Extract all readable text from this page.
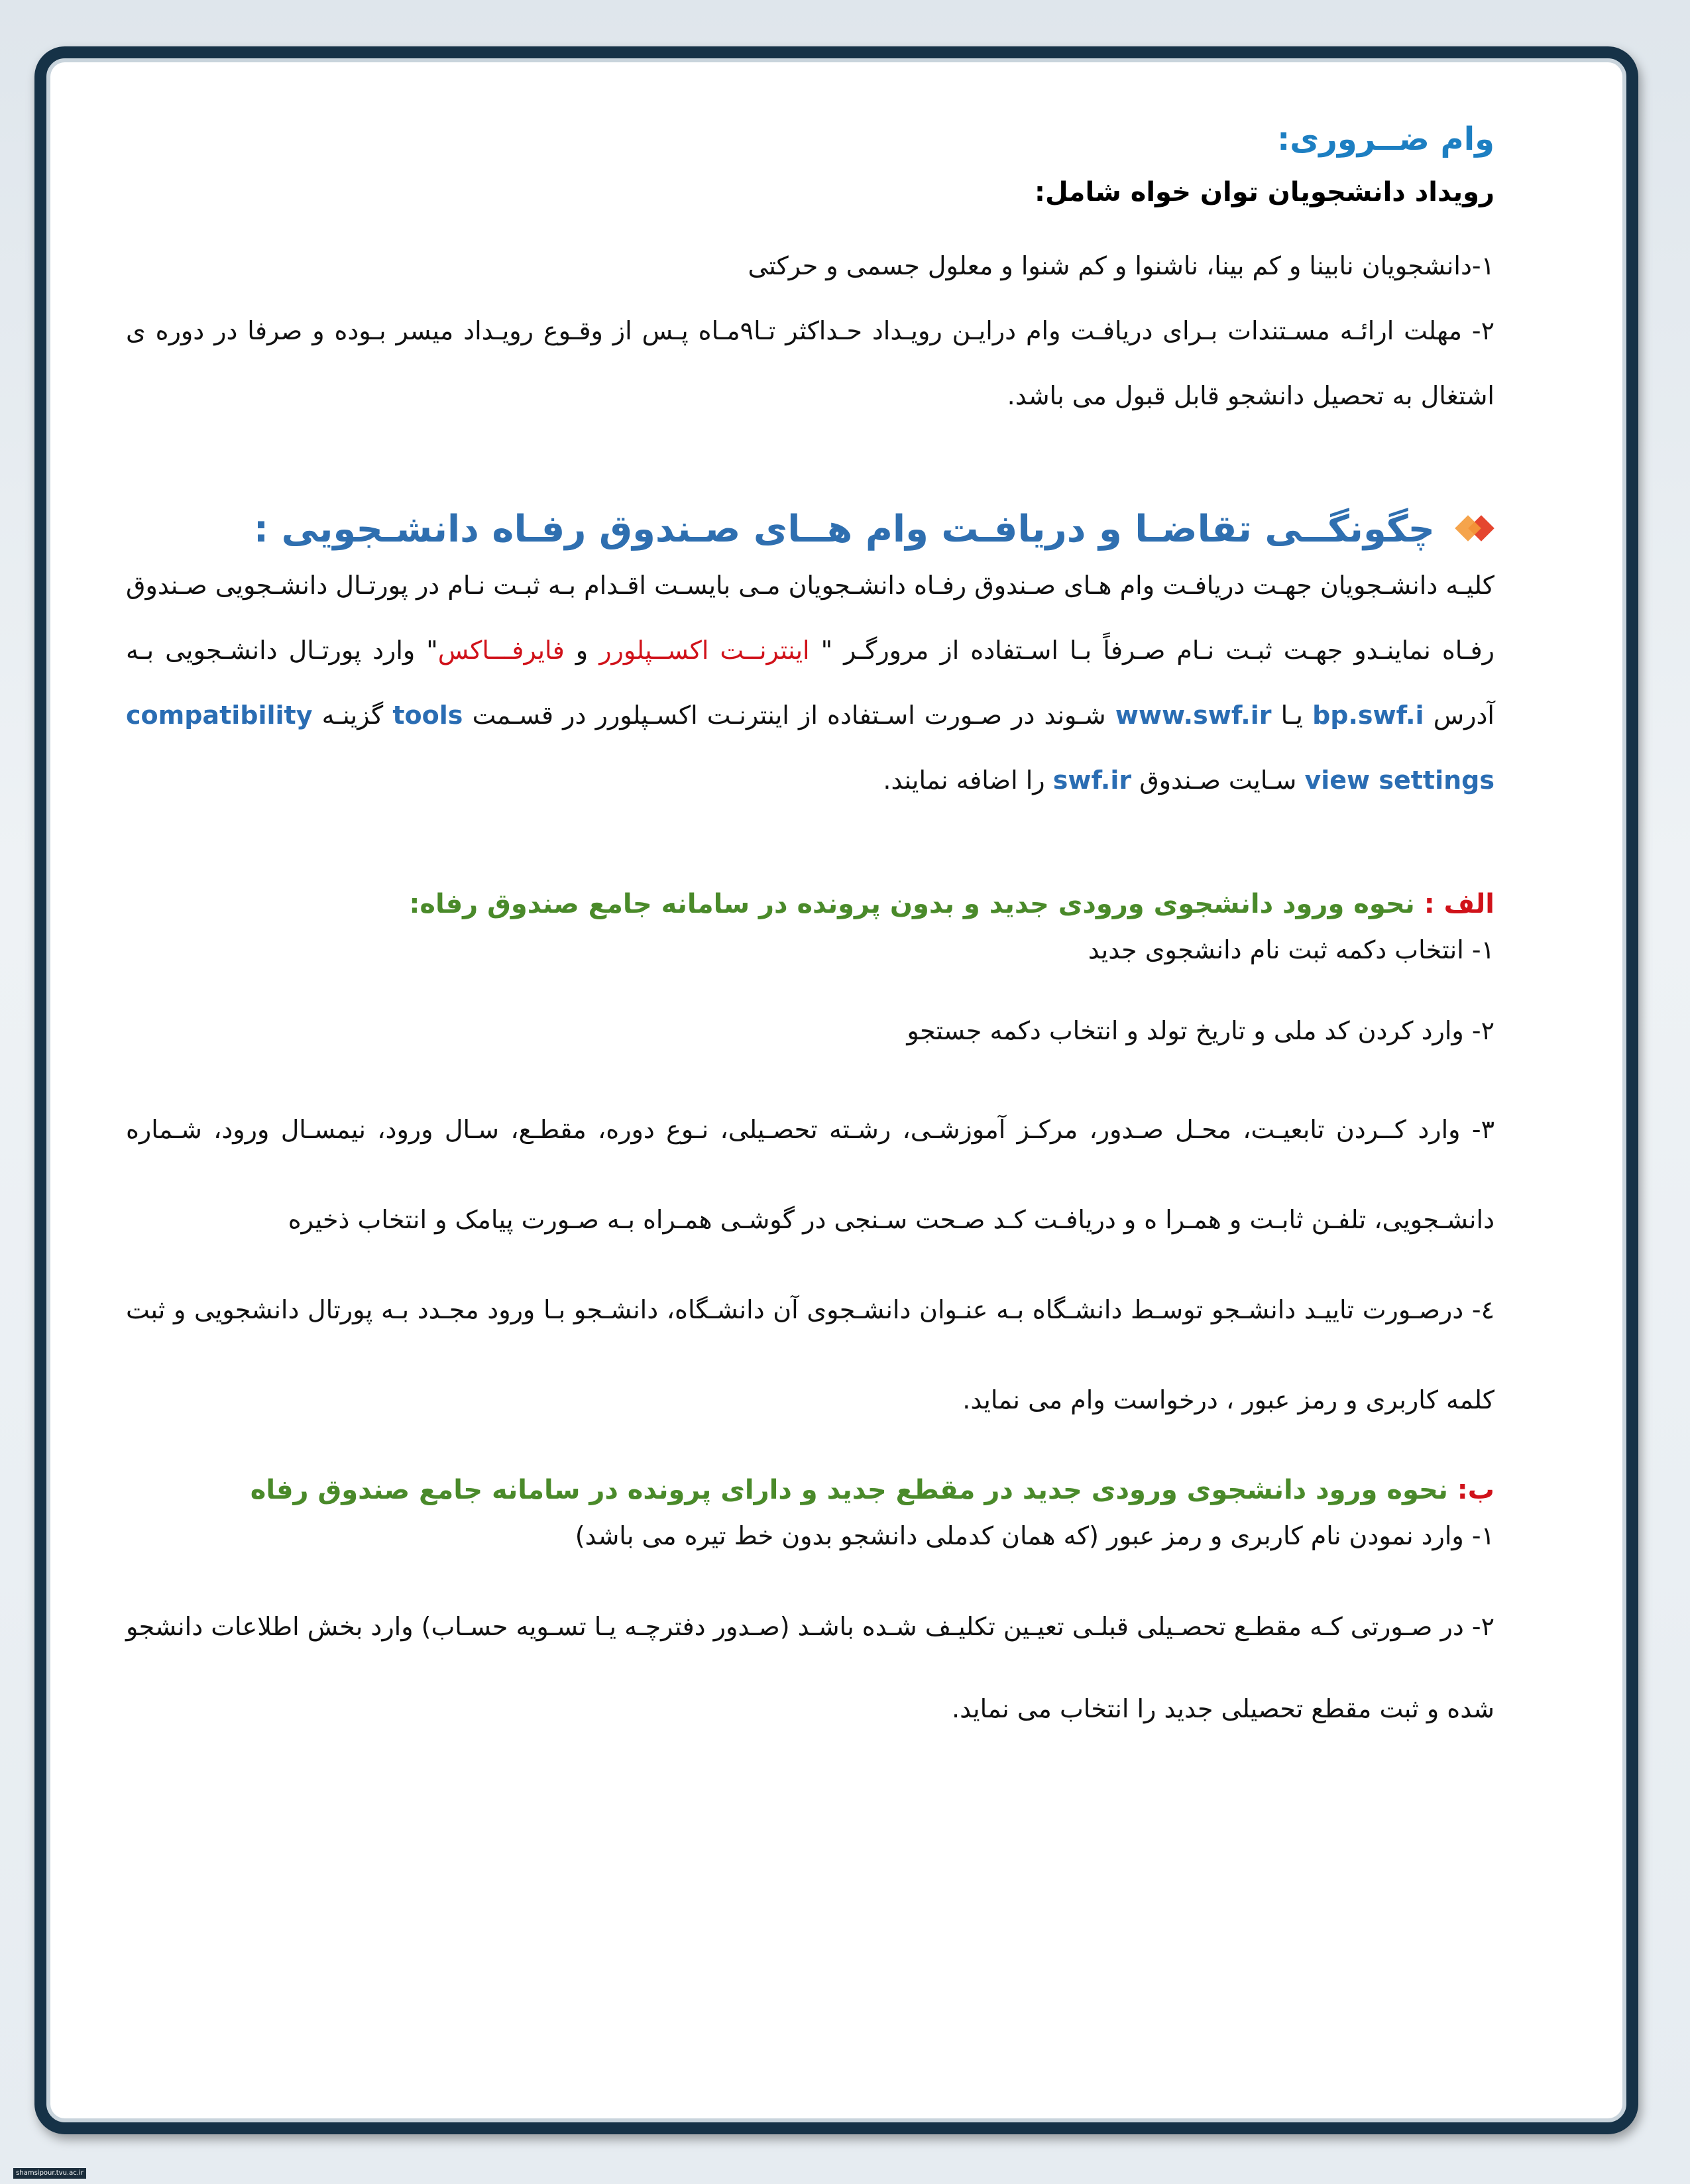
وام ضــروری:

رویداد دانشجویان توان خواه شامل:

۱-دانشجویان نابینا و کم بینا، ناشنوا و کم شنوا و معلول جسمی و حرکتی

۲- مهلت ارائـه مسـتندات بـرای دریافـت وام درایـن رویـداد حـداکثر تـا۹مـاه پـس از وقـوع رویـداد میسر بـوده و صرفا در دوره ی اشتغال به تحصیل دانشجو قابل قبول می باشد.

چگونگــی تقاضـا و دریافـت وام هــای صـندوق رفـاه دانشـجویی :

کلیـه دانشـجویان جهـت دریافـت وام هـای صـندوق رفـاه دانشـجویان مـی بایسـت اقـدام بـه ثبـت نـام در پورتـال دانشـجویی صـندوق رفـاه نماینـدو جهـت ثبـت نـام صـرفاً بـا اسـتفاده از مرورگـر " اینترنــت اکســپلورر و فایرفـــاکس" وارد پورتـال دانشـجویی بـه آدرس bp.swf.i یـا www.swf.ir شـوند در صـورت اسـتفاده از اینترنـت اکسـپلورر در قسـمت tools گزینـه compatibility view settings سـایت صـندوق swf.ir را اضافه نمایند.

الف : نحوه ورود دانشجوی ورودی جدید و بدون پرونده در سامانه جامع صندوق رفاه:

۱- انتخاب دکمه ثبت نام دانشجوی جدید

۲- وارد کردن کد ملی و تاریخ تولد و انتخاب دکمه جستجو

۳- وارد کــردن تابعیـت، محـل صـدور، مرکـز آموزشـی، رشـته تحصـیلی، نـوع دوره، مقطـع، سـال ورود، نیمسـال ورود، شـماره دانشـجویی، تلفـن ثابـت و همـرا ه و دریافـت کـد صـحت سـنجی در گوشـی همـراه بـه صـورت پیامک و انتخاب ذخیره

٤- درصـورت تاییـد دانشـجو توسـط دانشـگاه بـه عنـوان دانشـجوی آن دانشـگاه، دانشـجو بـا ورود مجـدد بـه پورتال دانشجویی و ثبت کلمه کاربری و رمز عبور ، درخواست وام می نماید.

ب: نحوه ورود دانشجوی ورودی جدید در مقطع جدید و دارای پرونده در سامانه جامع صندوق رفاه

۱- وارد نمودن نام کاربری و رمز عبور (که همان کدملی دانشجو بدون خط تیره می باشد)

۲- در صـورتی کـه مقطـع تحصـیلی قبلـی تعیـین تکلیـف شـده باشـد (صـدور دفترچـه یـا تسـویه حسـاب) وارد بخش اطلاعات دانشجو شده و ثبت مقطع تحصیلی جدید را انتخاب می نماید.

shamsipour.tvu.ac.ir
